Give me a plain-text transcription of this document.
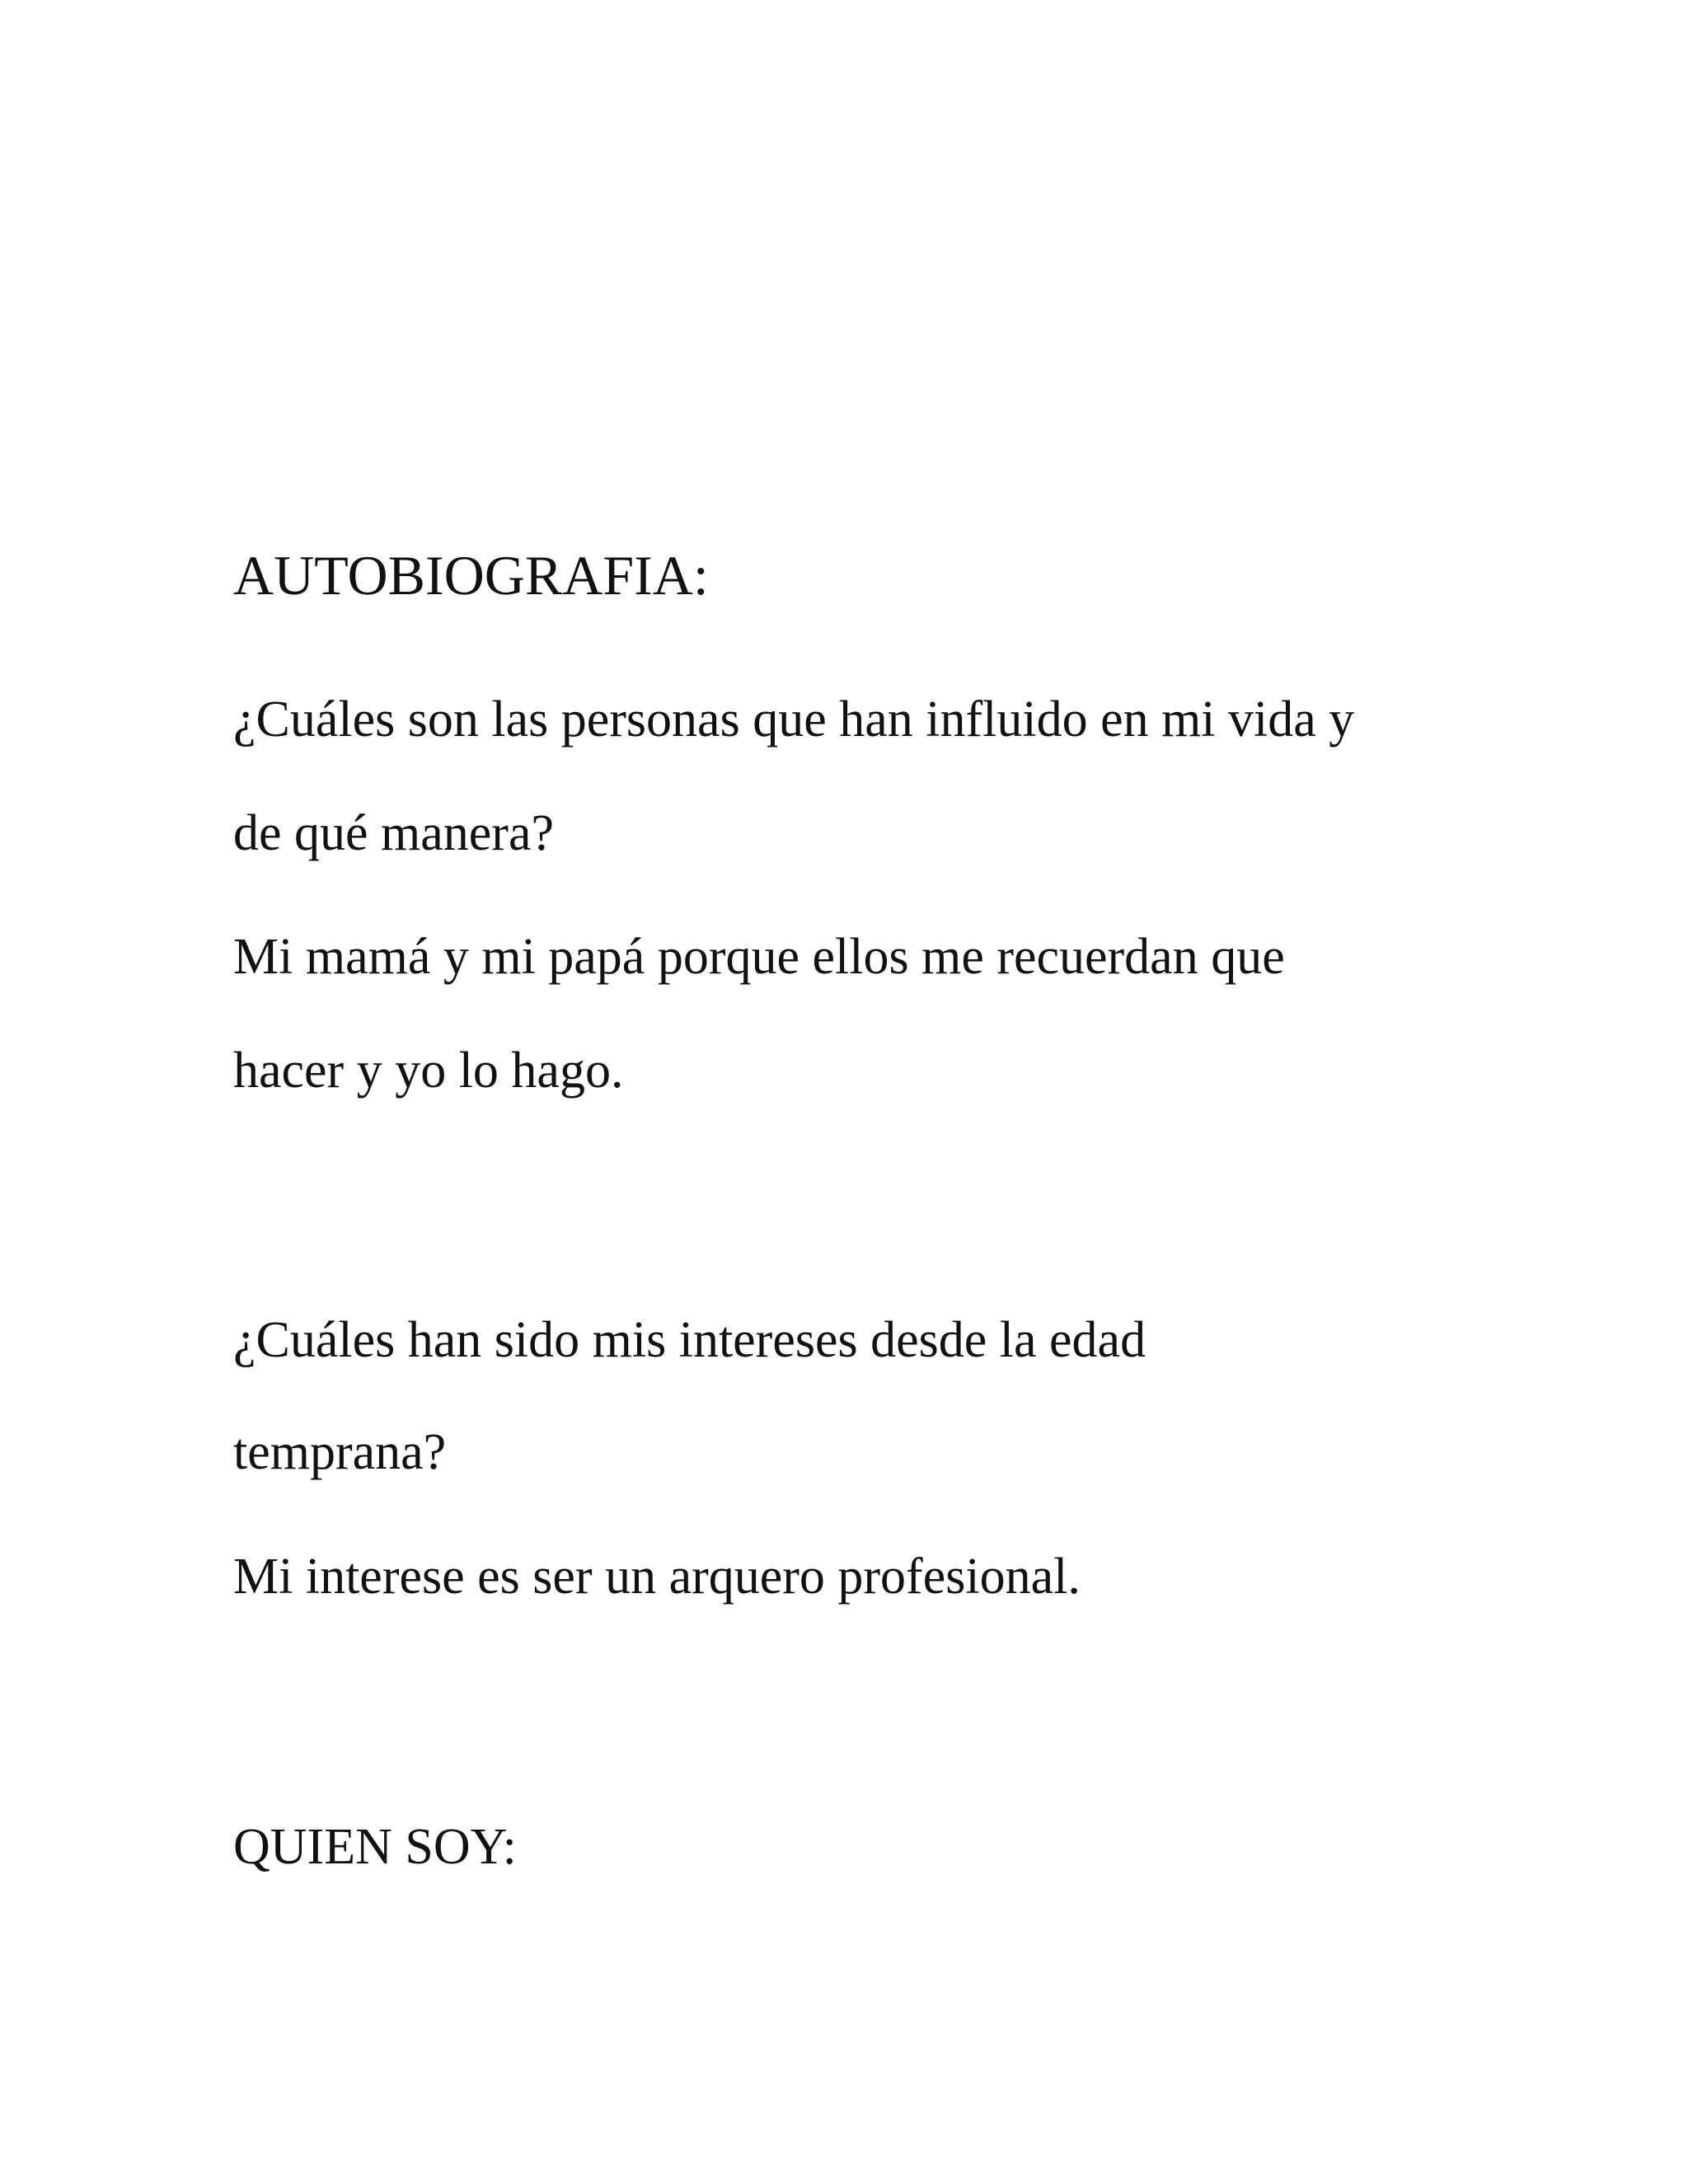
AUTOBIOGRAFIA:

¿Cuáles son las personas que han influido en mi vida y

de qué manera?

Mi mamá y mi papá porque ellos me recuerdan que

hacer y yo lo hago.

¿Cuáles han sido mis intereses desde la edad

temprana?

Mi interese es ser un arquero profesional.

QUIEN SOY:
